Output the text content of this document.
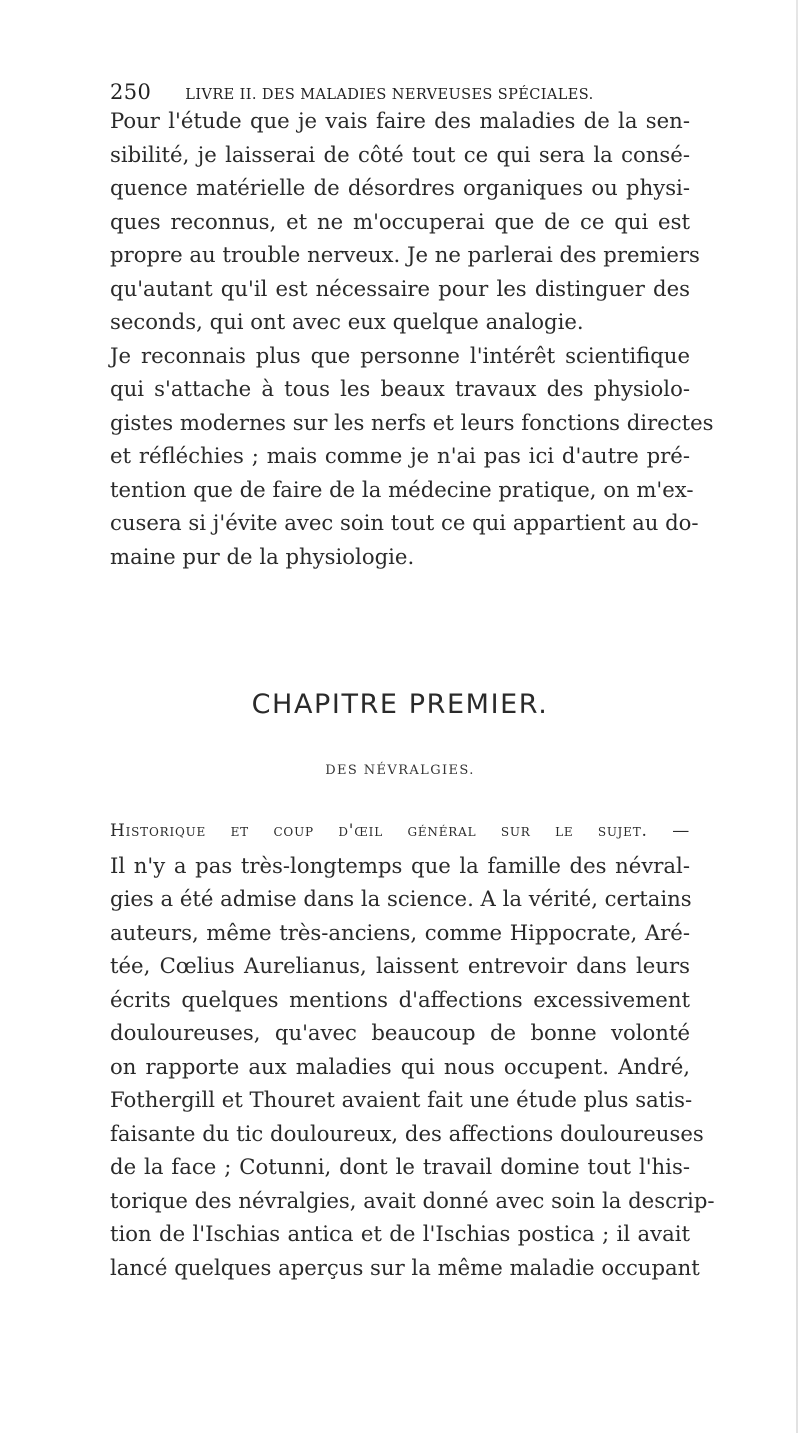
250 LIVRE II. DES MALADIES NERVEUSES SPÉCIALES.
Pour l'étude que je vais faire des maladies de la sen-
sibilité, je laisserai de côté tout ce qui sera la consé-
quence matérielle de désordres organiques ou physi-
ques reconnus, et ne m'occuperai que de ce qui est
propre au trouble nerveux. Je ne parlerai des premiers
qu'autant qu'il est nécessaire pour les distinguer des
seconds, qui ont avec eux quelque analogie.
Je reconnais plus que personne l'intérêt scientifique
qui s'attache à tous les beaux travaux des physiolo-
gistes modernes sur les nerfs et leurs fonctions directes
et réfléchies ; mais comme je n'ai pas ici d'autre pré-
tention que de faire de la médecine pratique, on m'ex-
cusera si j'évite avec soin tout ce qui appartient au do-
maine pur de la physiologie.
CHAPITRE PREMIER.
DES NÉVRALGIES.
Historique et coup d'œil général sur le sujet. —
Il n'y a pas très-longtemps que la famille des névral-
gies a été admise dans la science. A la vérité, certains
auteurs, même très-anciens, comme Hippocrate, Aré-
tée, Cœlius Aurelianus, laissent entrevoir dans leurs
écrits quelques mentions d'affections excessivement
douloureuses, qu'avec beaucoup de bonne volonté
on rapporte aux maladies qui nous occupent. André,
Fothergill et Thouret avaient fait une étude plus satis-
faisante du tic douloureux, des affections douloureuses
de la face ; Cotunni, dont le travail domine tout l'his-
torique des névralgies, avait donné avec soin la descrip-
tion de l'Ischias antica et de l'Ischias postica ; il avait
lancé quelques aperçus sur la même maladie occupant
